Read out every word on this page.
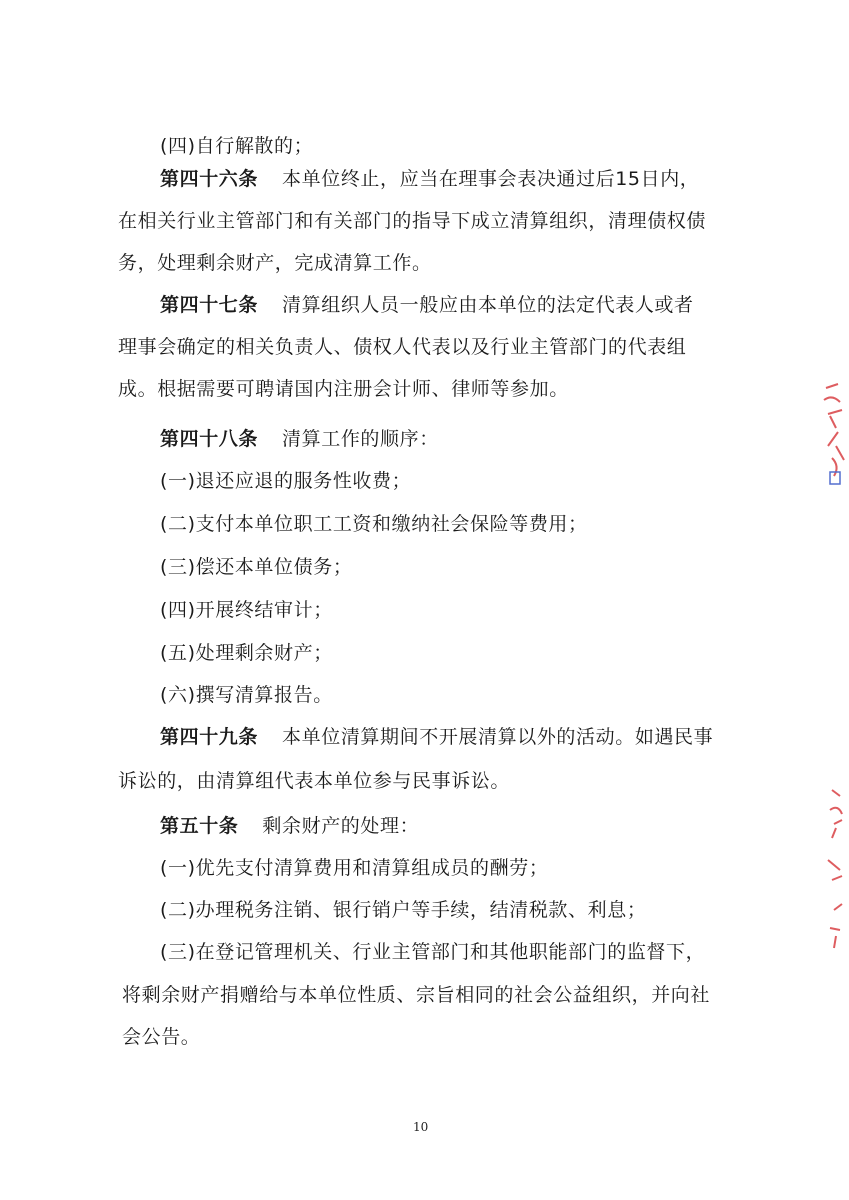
(四)自行解散的；
第四十六条 本单位终止，应当在理事会表决通过后15日内，
在相关行业主管部门和有关部门的指导下成立清算组织，清理债权债
务，处理剩余财产，完成清算工作。
第四十七条 清算组织人员一般应由本单位的法定代表人或者
理事会确定的相关负责人、债权人代表以及行业主管部门的代表组
成。根据需要可聘请国内注册会计师、律师等参加。
第四十八条 清算工作的顺序：
(一)退还应退的服务性收费；
(二)支付本单位职工工资和缴纳社会保险等费用；
(三)偿还本单位债务；
(四)开展终结审计；
(五)处理剩余财产；
(六)撰写清算报告。
第四十九条 本单位清算期间不开展清算以外的活动。如遇民事
诉讼的，由清算组代表本单位参与民事诉讼。
第五十条 剩余财产的处理：
(一)优先支付清算费用和清算组成员的酬劳；
(二)办理税务注销、银行销户等手续，结清税款、利息；
(三)在登记管理机关、行业主管部门和其他职能部门的监督下，
将剩余财产捐赠给与本单位性质、宗旨相同的社会公益组织，并向社
会公告。
10
